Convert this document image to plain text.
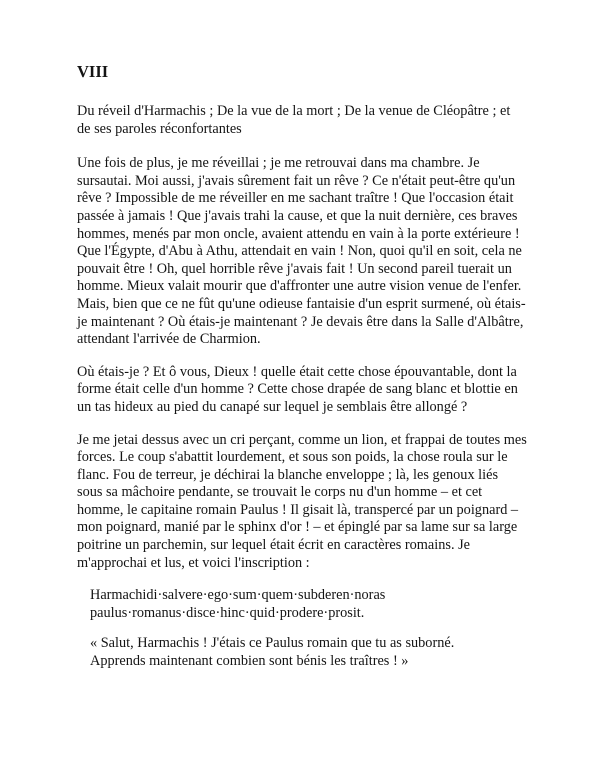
VIII

Du réveil d'Harmachis ; De la vue de la mort ; De la venue de Cléopâtre ; et de ses paroles réconfortantes

Une fois de plus, je me réveillai ; je me retrouvai dans ma chambre. Je sursautai. Moi aussi, j'avais sûrement fait un rêve ? Ce n'était peut-être qu'un rêve ? Impossible de me réveiller en me sachant traître ! Que l'occasion était passée à jamais ! Que j'avais trahi la cause, et que la nuit dernière, ces braves hommes, menés par mon oncle, avaient attendu en vain à la porte extérieure ! Que l'Égypte, d'Abu à Athu, attendait en vain ! Non, quoi qu'il en soit, cela ne pouvait être ! Oh, quel horrible rêve j'avais fait ! Un second pareil tuerait un homme. Mieux valait mourir que d'affronter une autre vision venue de l'enfer. Mais, bien que ce ne fût qu'une odieuse fantaisie d'un esprit surmené, où étais-je maintenant ? Où étais-je maintenant ? Je devais être dans la Salle d'Albâtre, attendant l'arrivée de Charmion.

Où étais-je ? Et ô vous, Dieux ! quelle était cette chose épouvantable, dont la forme était celle d'un homme ? Cette chose drapée de sang blanc et blottie en un tas hideux au pied du canapé sur lequel je semblais être allongé ?

Je me jetai dessus avec un cri perçant, comme un lion, et frappai de toutes mes forces. Le coup s'abattit lourdement, et sous son poids, la chose roula sur le flanc. Fou de terreur, je déchirai la blanche enveloppe ; là, les genoux liés sous sa mâchoire pendante, se trouvait le corps nu d'un homme – et cet homme, le capitaine romain Paulus ! Il gisait là, transpercé par un poignard – mon poignard, manié par le sphinx d'or ! – et épinglé par sa lame sur sa large poitrine un parchemin, sur lequel était écrit en caractères romains. Je m'approchai et lus, et voici l'inscription :

Harmachidi·salvere·ego·sum·quem·subderen·noras
paulus·romanus·disce·hinc·quid·prodere·prosit.
« Salut, Harmachis ! J'étais ce Paulus romain que tu as suborné.
Apprends maintenant combien sont bénis les traîtres ! »
